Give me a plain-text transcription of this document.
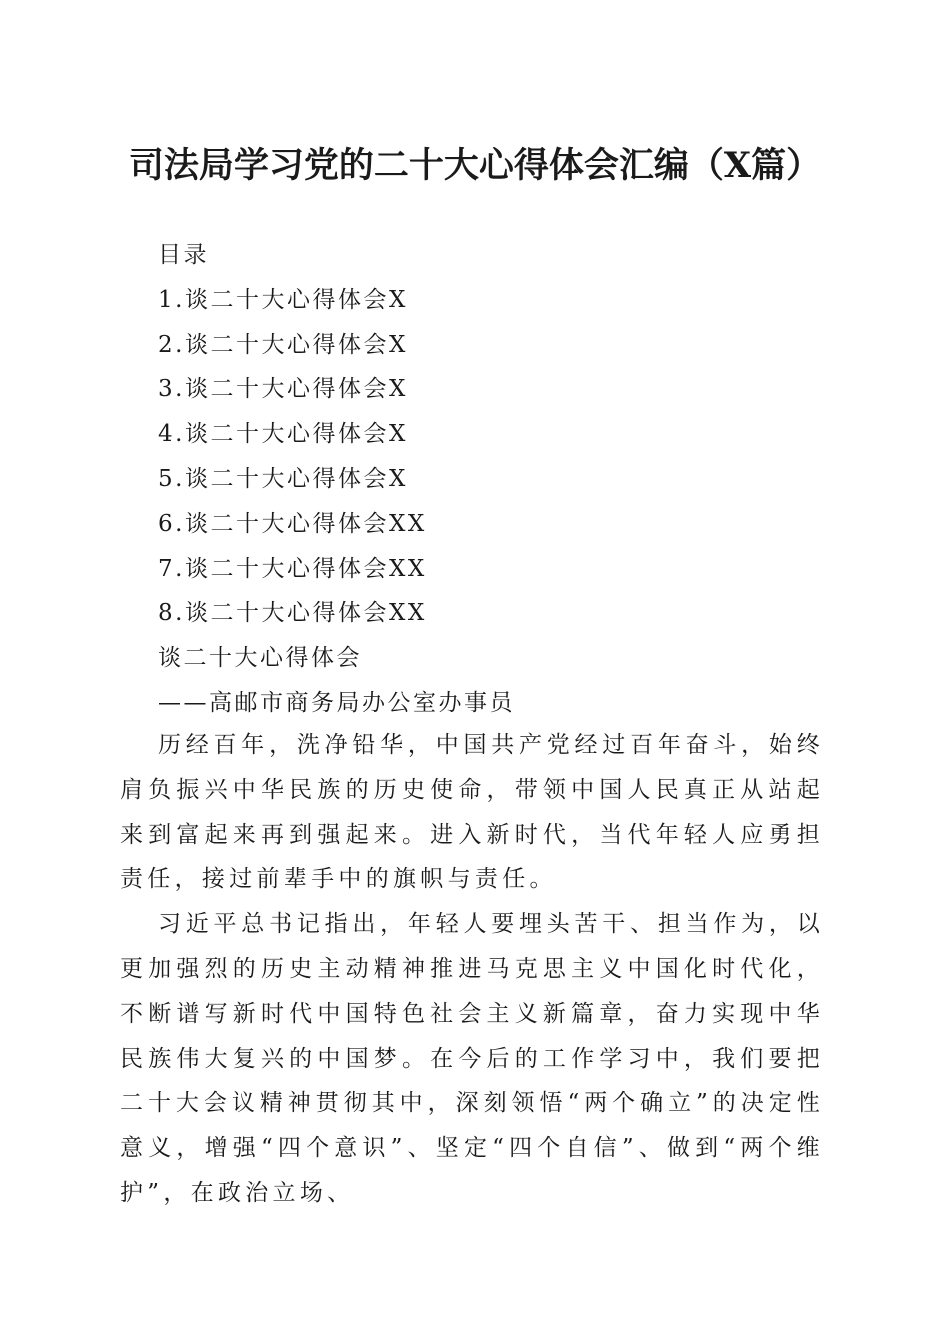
司法局学习党的二十大心得体会汇编（X篇）
目录
1.谈二十大心得体会X
2.谈二十大心得体会X
3.谈二十大心得体会X
4.谈二十大心得体会X
5.谈二十大心得体会X
6.谈二十大心得体会XX
7.谈二十大心得体会XX
8.谈二十大心得体会XX
谈二十大心得体会
——高邮市商务局办公室办事员

历经百年，洗净铅华，中国共产党经过百年奋斗，始终肩负振兴中华民族的历史使命，带领中国人民真正从站起来到富起来再到强起来。进入新时代，当代年轻人应勇担责任，接过前辈手中的旗帜与责任。

习近平总书记指出，年轻人要埋头苦干、担当作为，以更加强烈的历史主动精神推进马克思主义中国化时代化，不断谱写新时代中国特色社会主义新篇章，奋力实现中华民族伟大复兴的中国梦。在今后的工作学习中，我们要把二十大会议精神贯彻其中，深刻领悟“两个确立”的决定性意义，增强“四个意识”、坚定“四个自信”、做到“两个维护”，在政治立场、
